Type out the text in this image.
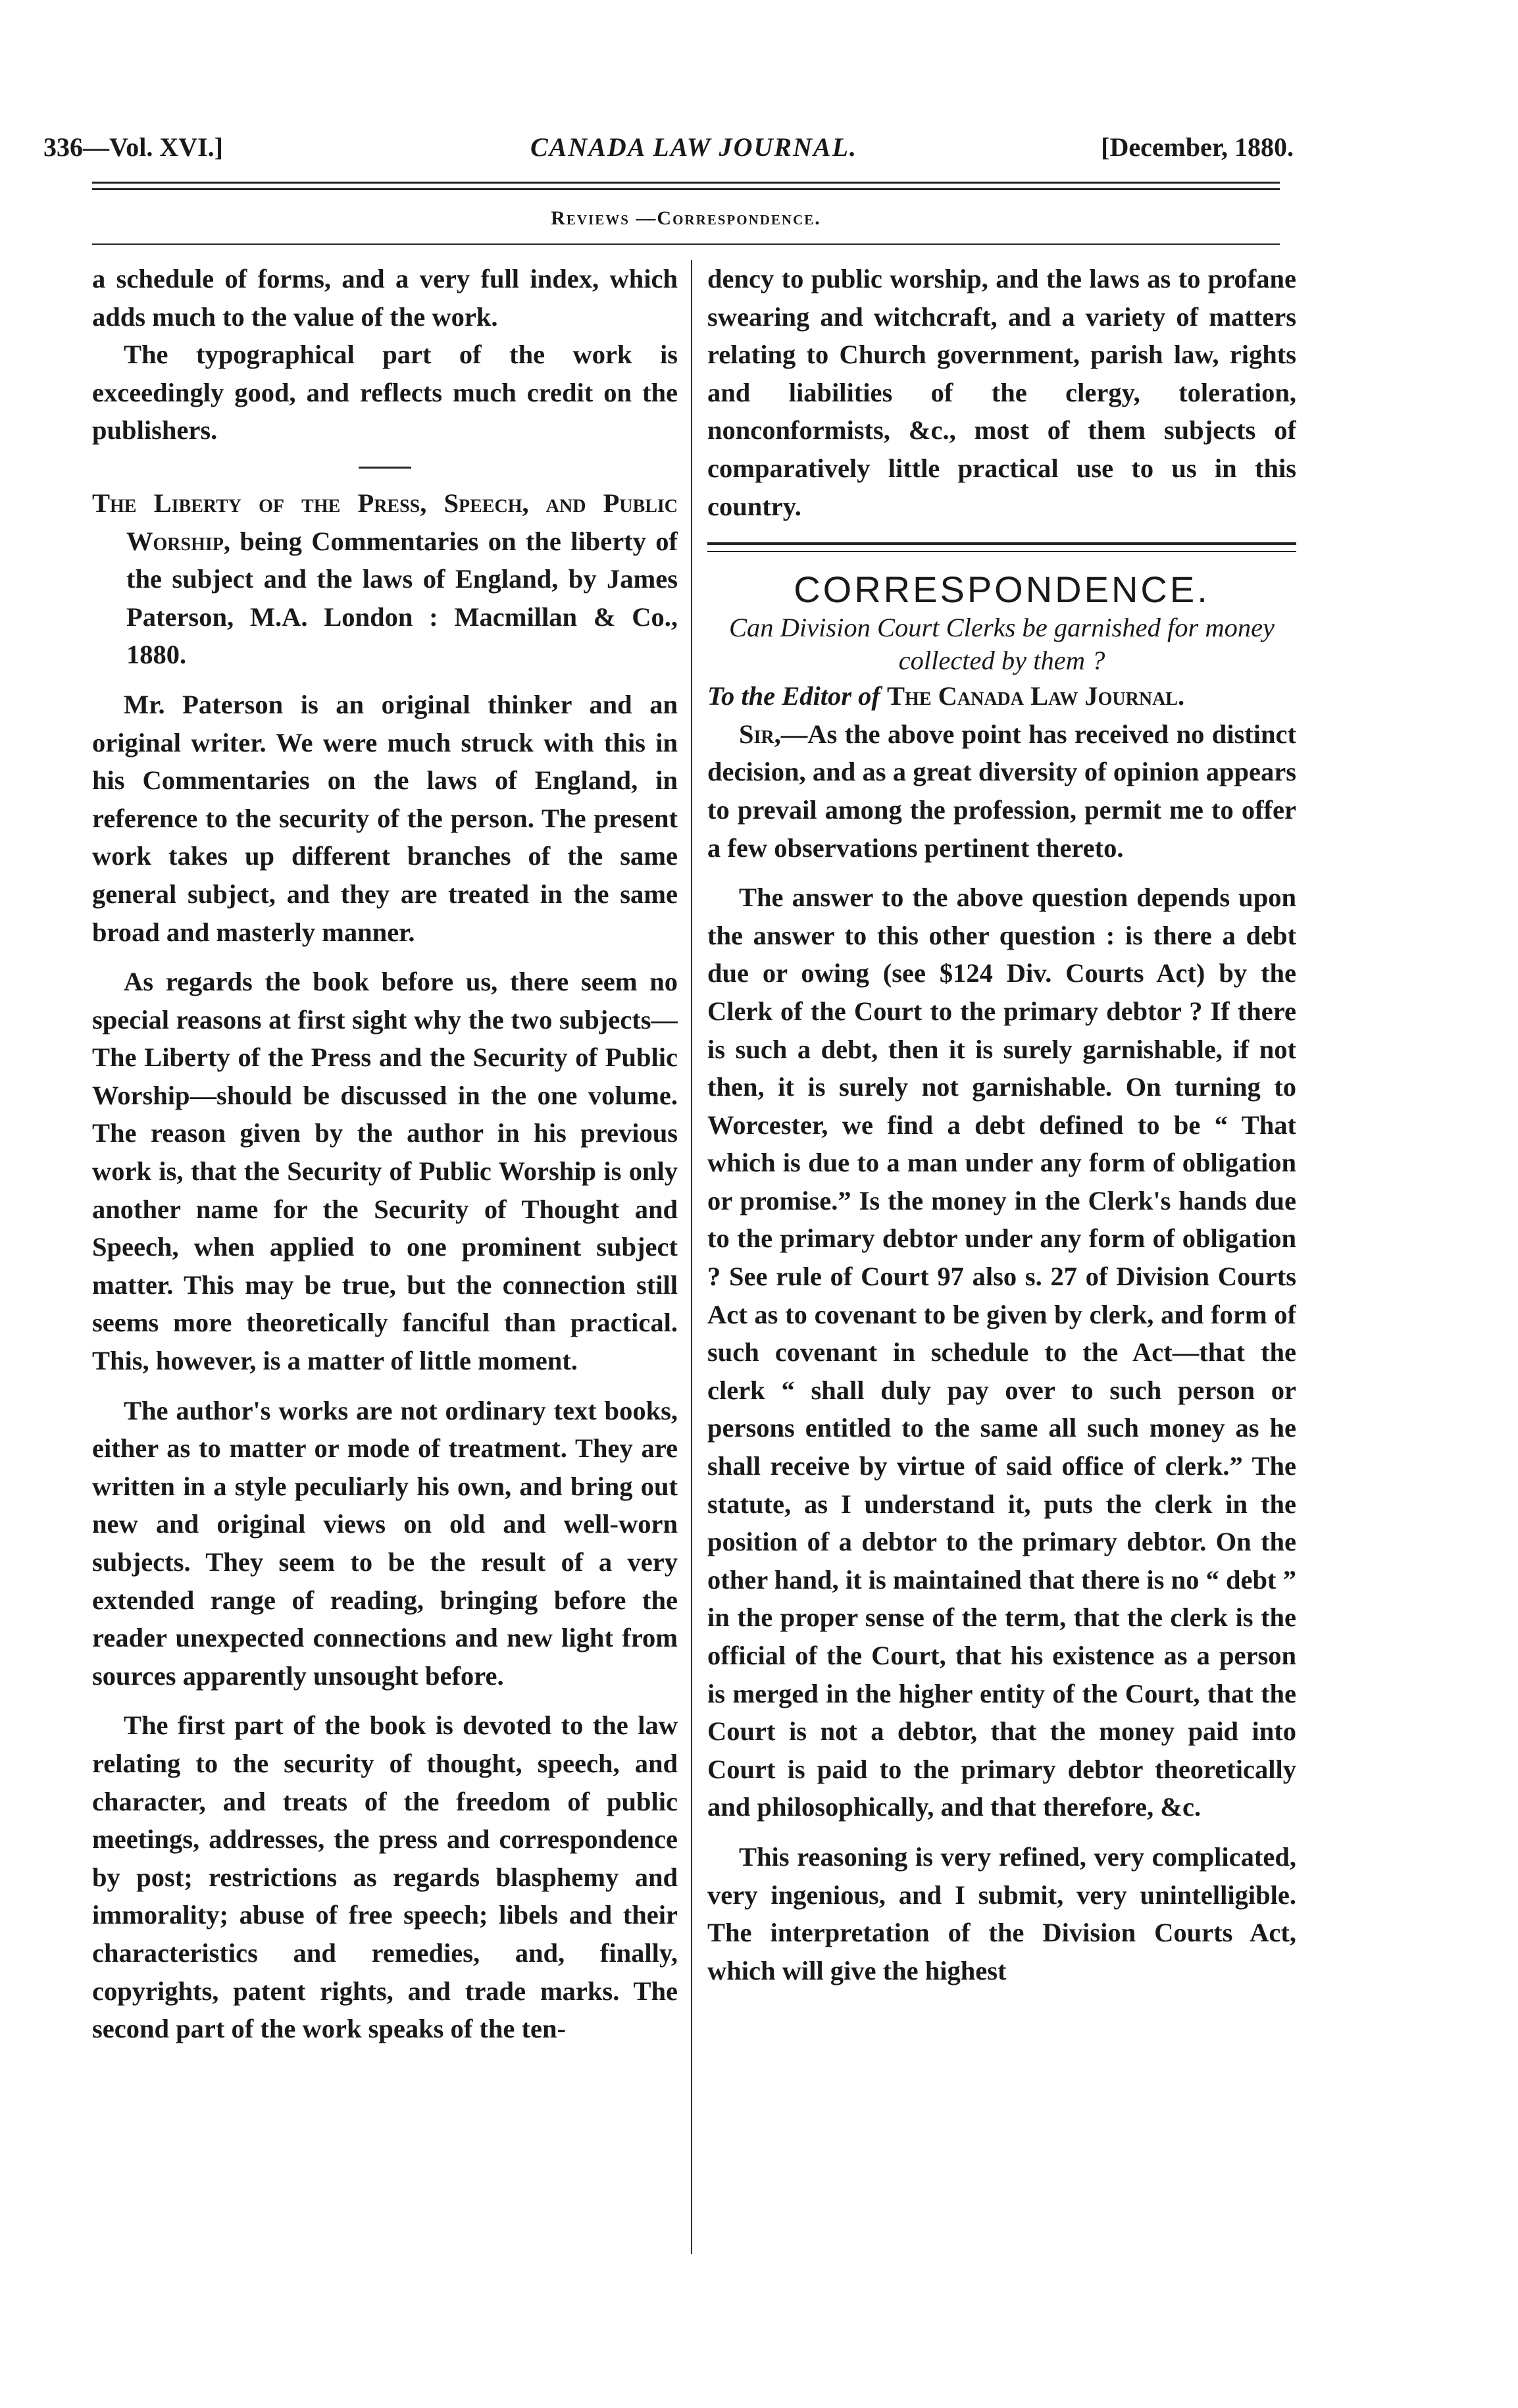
336—Vol. XVI.]	CANADA LAW JOURNAL.	[December, 1880.
Reviews —Correspondence.

a schedule of forms, and a very full index, which adds much to the value of the work.

The typographical part of the work is exceedingly good, and reflects much credit on the publishers.

The Liberty of the Press, Speech, and Public Worship, being Commentaries on the liberty of the subject and the laws of England, by James Paterson, M.A. London : Macmillan & Co., 1880.

Mr. Paterson is an original thinker and an original writer. We were much struck with this in his Commentaries on the laws of England, in reference to the security of the person. The present work takes up different branches of the same general subject, and they are treated in the same broad and masterly manner.

As regards the book before us, there seem no special reasons at first sight why the two subjects—The Liberty of the Press and the Security of Public Worship—should be discussed in the one volume. The reason given by the author in his previous work is, that the Security of Public Worship is only another name for the Security of Thought and Speech, when applied to one prominent subject matter. This may be true, but the connection still seems more theoretically fanciful than practical. This, however, is a matter of little moment.

The author's works are not ordinary text books, either as to matter or mode of treatment. They are written in a style peculiarly his own, and bring out new and original views on old and well-worn subjects. They seem to be the result of a very extended range of reading, bringing before the reader unexpected connections and new light from sources apparently unsought before.

The first part of the book is devoted to the law relating to the security of thought, speech, and character, and treats of the freedom of public meetings, addresses, the press and correspondence by post; restrictions as regards blasphemy and immorality; abuse of free speech; libels and their characteristics and remedies, and, finally, copyrights, patent rights, and trade marks. The second part of the work speaks of the ten-

dency to public worship, and the laws as to profane swearing and witchcraft, and a variety of matters relating to Church government, parish law, rights and liabilities of the clergy, toleration, nonconformists, &c., most of them subjects of comparatively little practical use to us in this country.

CORRESPONDENCE.

Can Division Court Clerks be garnished for money collected by them ?

To the Editor of The Canada Law Journal.

Sir,—As the above point has received no distinct decision, and as a great diversity of opinion appears to prevail among the profession, permit me to offer a few observations pertinent thereto.

The answer to the above question depends upon the answer to this other question : is there a debt due or owing (see $124 Div. Courts Act) by the Clerk of the Court to the primary debtor ? If there is such a debt, then it is surely garnishable, if not then, it is surely not garnishable. On turning to Worcester, we find a debt defined to be “ That which is due to a man under any form of obligation or promise.” Is the money in the Clerk's hands due to the primary debtor under any form of obligation ? See rule of Court 97 also s. 27 of Division Courts Act as to covenant to be given by clerk, and form of such covenant in schedule to the Act—that the clerk “ shall duly pay over to such person or persons entitled to the same all such money as he shall receive by virtue of said office of clerk.” The statute, as I understand it, puts the clerk in the position of a debtor to the primary debtor. On the other hand, it is maintained that there is no “ debt ” in the proper sense of the term, that the clerk is the official of the Court, that his existence as a person is merged in the higher entity of the Court, that the Court is not a debtor, that the money paid into Court is paid to the primary debtor theoretically and philosophically, and that therefore, &c.

This reasoning is very refined, very complicated, very ingenious, and I submit, very unintelligible. The interpretation of the Division Courts Act, which will give the highest
